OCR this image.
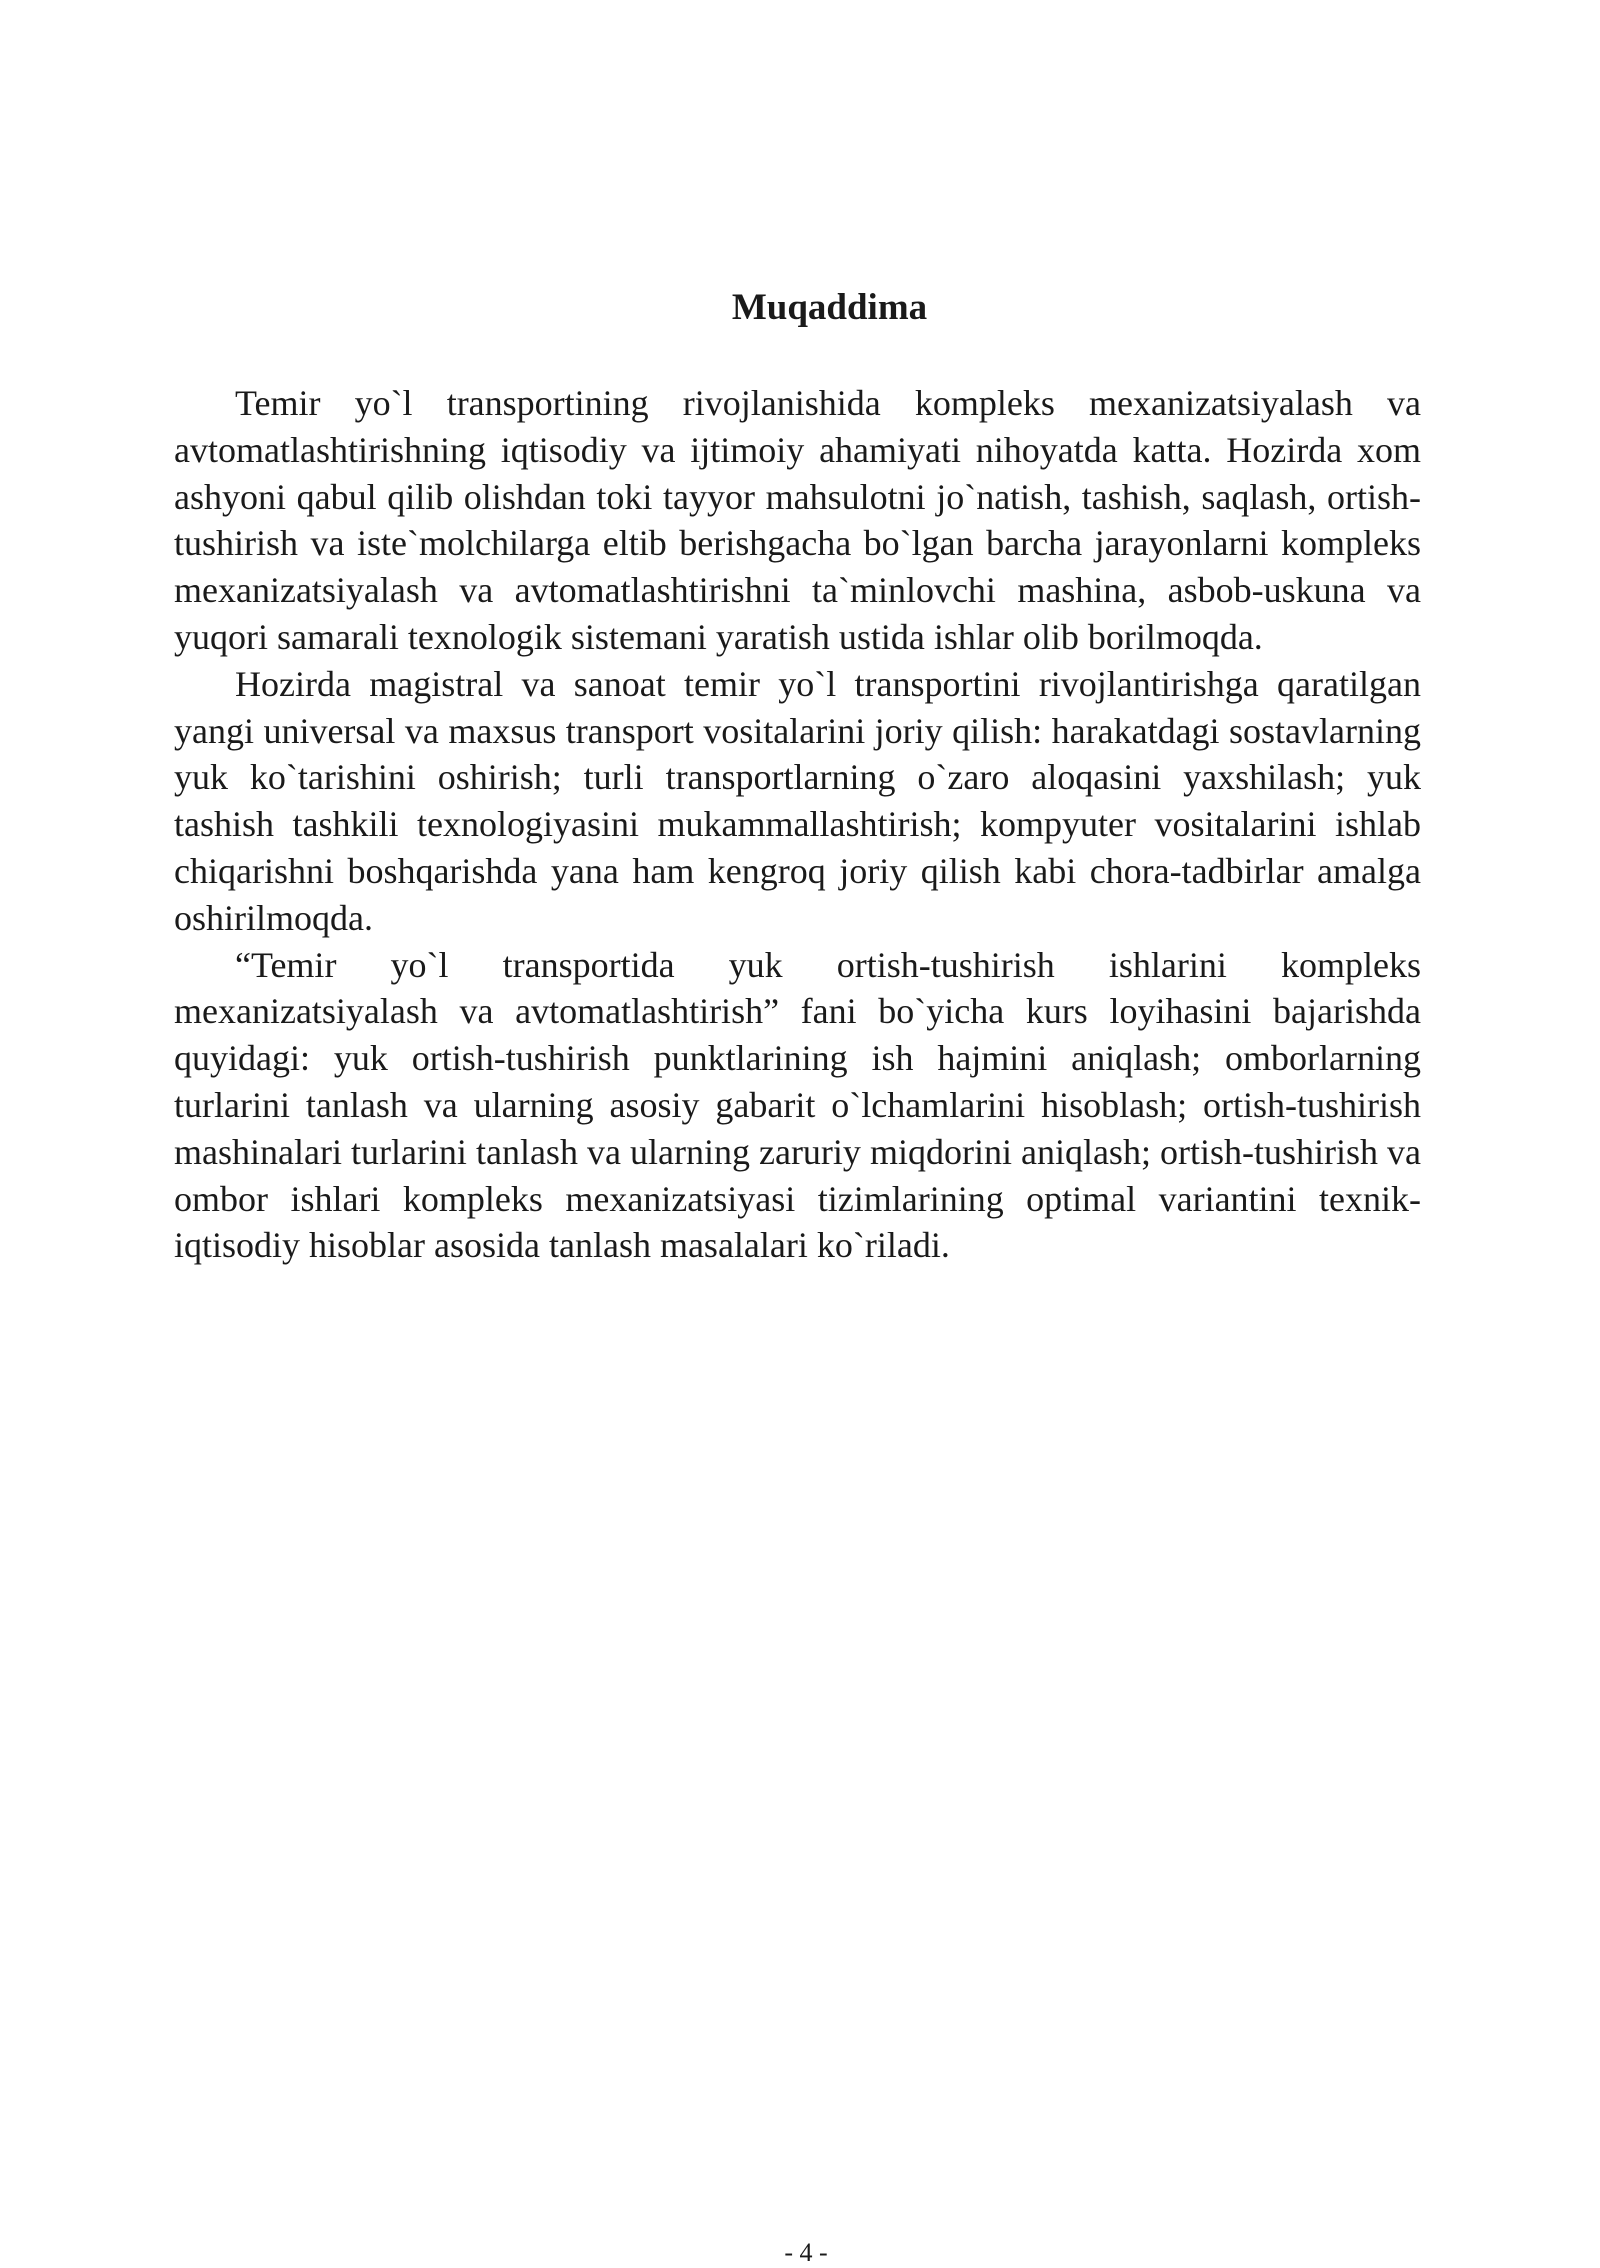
Muqaddima

Temir yo`l transportining rivojlanishida kompleks mexanizatsiyalash va avtomatlashtirishning iqtisodiy va ijtimoiy ahamiyati nihoyatda katta. Hozirda xom ashyoni qabul qilib olishdan toki tayyor mahsulotni jo`natish, tashish, saqlash, ortish-tushirish va iste`molchilarga eltib berishgacha bo`lgan barcha jarayonlarni kompleks mexanizatsiyalash va avtomatlashtirishni ta`minlovchi mashina, asbob-uskuna va yuqori samarali texnologik sistemani yaratish ustida ishlar olib borilmoqda.

Hozirda magistral va sanoat temir yo`l transportini rivojlantirishga qaratilgan yangi universal va maxsus transport vositalarini joriy qilish: harakatdagi sostavlarning yuk ko`tarishini oshirish; turli transportlarning o`zaro aloqasini yaxshilash; yuk tashish tashkili texnologiyasini mukammallashtirish; kompyuter vositalarini ishlab chiqarishni boshqarishda yana ham kengroq joriy qilish kabi chora-tadbirlar amalga oshirilmoqda.

“Temir yo`l transportida yuk ortish-tushirish ishlarini kompleks mexanizatsiyalash va avtomatlashtirish” fani bo`yicha kurs loyihasini bajarishda quyidagi: yuk ortish-tushirish punktlarining ish hajmini aniqlash; omborlarning turlarini tanlash va ularning asosiy gabarit o`lchamlarini hisoblash; ortish-tushirish mashinalari turlarini tanlash va ularning zaruriy miqdorini aniqlash; ortish-tushirish va ombor ishlari kompleks mexanizatsiyasi tizimlarining optimal variantini texnik-iqtisodiy hisoblar asosida tanlash masalalari ko`riladi.

- 4 -
